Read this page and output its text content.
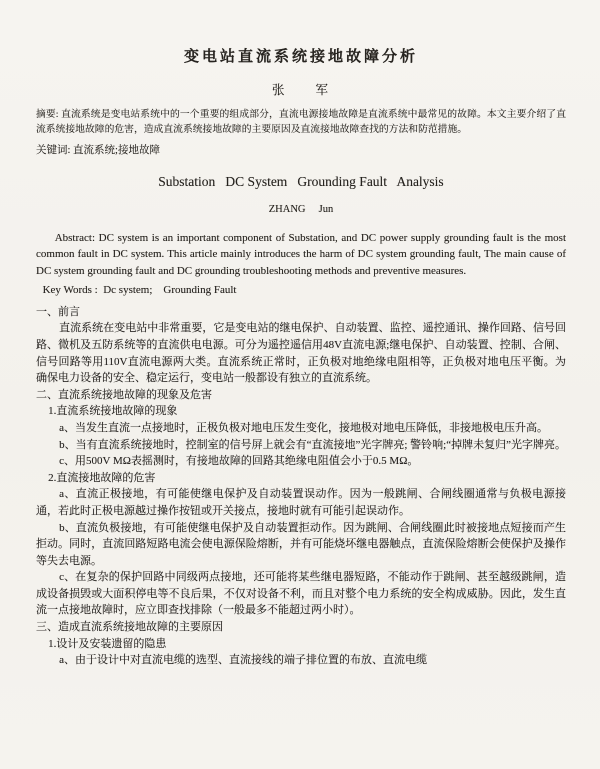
变电站直流系统接地故障分析
张　　军

摘要: 直流系统是变电站系统中的一个重要的组成部分，直流电源接地故障是直流系统中最常见的故障。本文主要介绍了直流系统接地故障的危害，造成直流系统接地故障的主要原因及直流接地故障查找的方法和防范措施。

关键词: 直流系统;接地故障

Substation   DC System   Grounding Fault   Analysis
ZHANG     Jun

Abstract: DC system is an important component of Substation, and DC power supply grounding fault is the most common fault in DC system. This article mainly introduces the harm of DC system grounding fault, The main cause of DC system grounding fault and DC grounding troubleshooting methods and preventive measures.

Key Words :  Dc system;    Grounding Fault

一、前言

直流系统在变电站中非常重要，它是变电站的继电保护、自动装置、监控、遥控通讯、操作回路、信号回路、微机及五防系统等的直流供电电源。可分为遥控遥信用48V直流电源;继电保护、自动装置、控制、合闸、信号回路等用110V直流电源两大类。直流系统正常时，正负极对地绝缘电阻相等，正负极对地电压平衡。为确保电力设备的安全、稳定运行，变电站一般都设有独立的直流系统。

二、直流系统接地故障的现象及危害

1.直流系统接地故障的现象

a、当发生直流一点接地时，正极负极对地电压发生变化，接地极对地电压降低，非接地极电压升高。

b、当有直流系统接地时，控制室的信号屏上就会有“直流接地”光字牌亮; 警铃响;“掉牌未复归”光字牌亮。

c、用500V MΩ表摇测时，有接地故障的回路其绝缘电阻值会小于0.5 MΩ。

2.直流接地故障的危害

a、直流正极接地，有可能使继电保护及自动装置误动作。因为一般跳闸、合闸线圈通常与负极电源接通，若此时正极电源越过操作按钮或开关接点，接地时就有可能引起误动作。

b、直流负极接地，有可能使继电保护及自动装置拒动作。因为跳闸、合闸线圈此时被接地点短接而产生拒动。同时，直流回路短路电流会使电源保险熔断，并有可能烧坏继电器触点，直流保险熔断会使保护及操作等失去电源。

c、在复杂的保护回路中同级两点接地，还可能将某些继电器短路，不能动作于跳闸、甚至越级跳闸，造成设备损毁或大面积停电等不良后果，不仅对设备不利，而且对整个电力系统的安全构成威胁。因此，发生直流一点接地故障时，应立即查找排除（一般最多不能超过两小时）。

三、造成直流系统接地故障的主要原因

1.设计及安装遗留的隐患

a、由于设计中对直流电缆的选型、直流接线的端子排位置的布放、直流电缆
